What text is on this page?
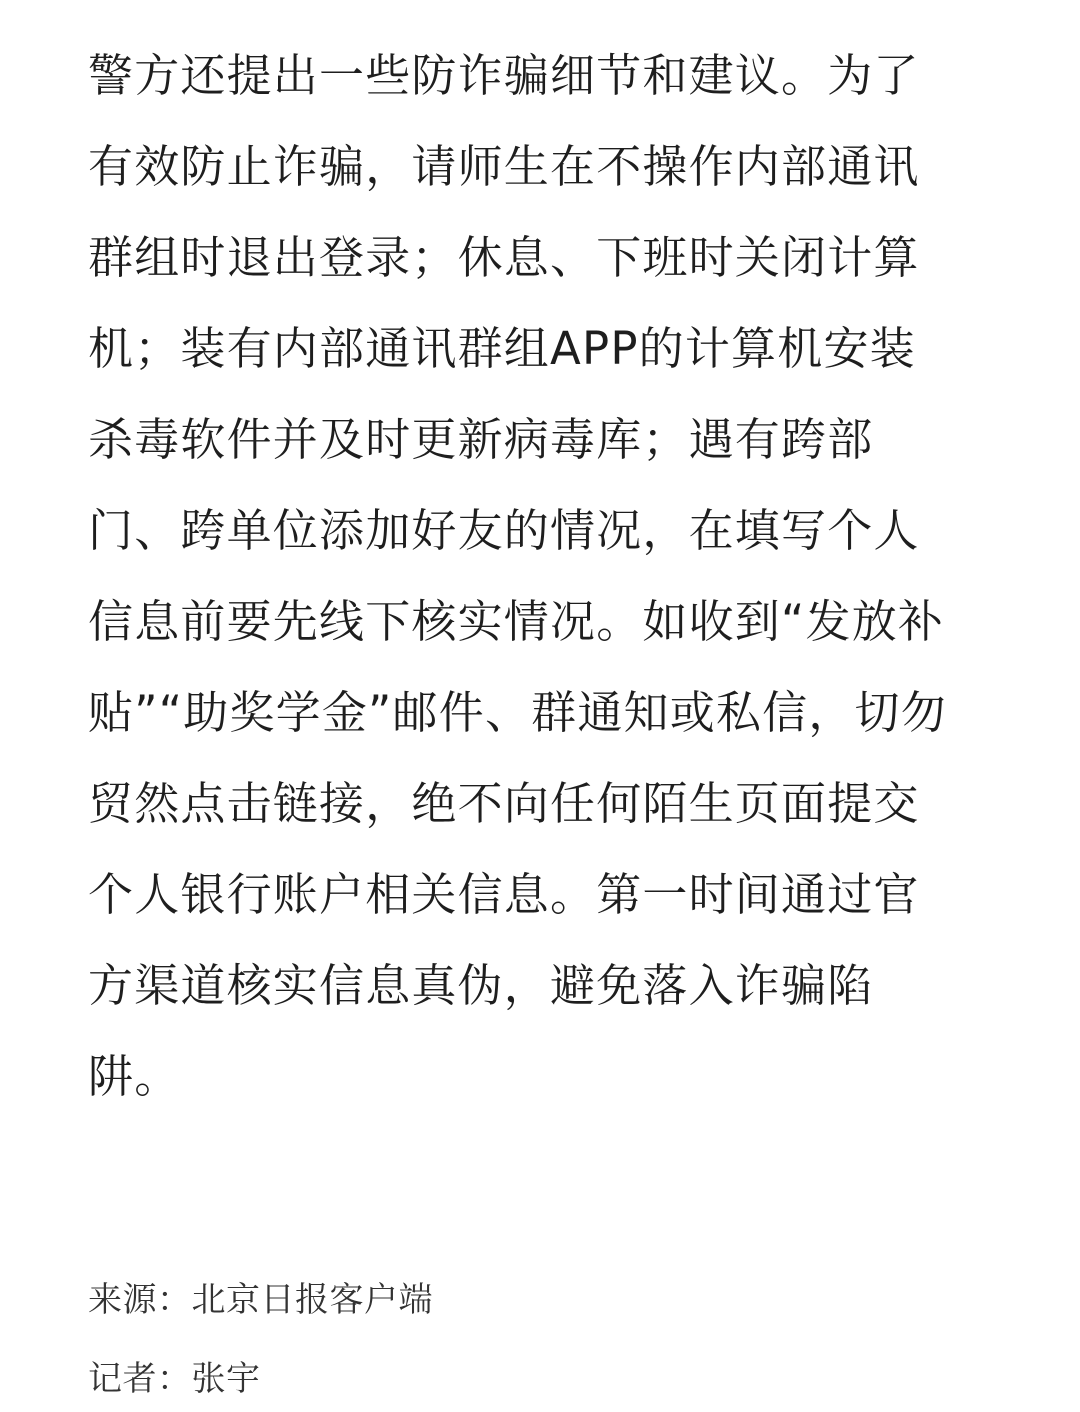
警方还提出一些防诈骗细节和建议。为了
有效防止诈骗，请师生在不操作内部通讯
群组时退出登录；休息、下班时关闭计算
机；装有内部通讯群组APP的计算机安装
杀毒软件并及时更新病毒库；遇有跨部
门、跨单位添加好友的情况，在填写个人
信息前要先线下核实情况。如收到“发放补
贴”“助奖学金”邮件、群通知或私信，切勿
贸然点击链接，绝不向任何陌生页面提交
个人银行账户相关信息。第一时间通过官
方渠道核实信息真伪，避免落入诈骗陷
阱。
来源：北京日报客户端
记者：张宇
